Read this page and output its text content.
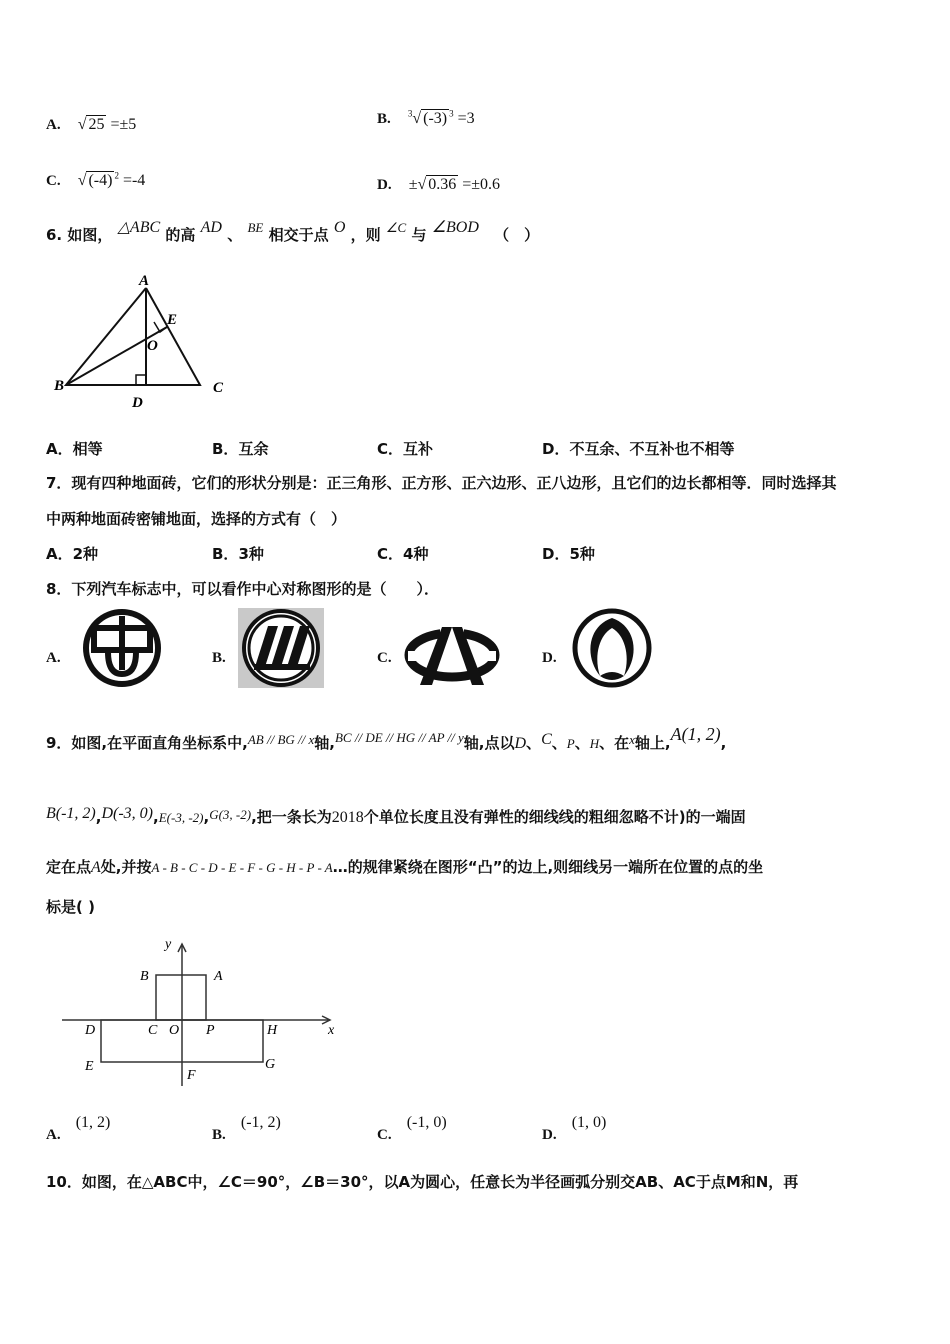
A. √ 25 =±5	B. $^3$√ (-3) $^3$ =3
C. √ (-4) $^2$ =-4	D. ±√ 0.36 =±0.6
6. 如图， △ABC 的高 AD 、 BE 相交于点 O ，则 ∠C 与 ∠BOD （　）
A
B	C
D
E
O
A．相等	B．互余	C．互补	D．不互余、不互补也不相等
7．现有四种地面砖，它们的形状分别是：正三角形、正方形、正六边形、正八边形，且它们的边长都相等．同时选择其
中两种地面砖密铺地面，选择的方式有（　）
A．2种	B．3种	C．4种	D．5种
8．下列汽车标志中，可以看作中心对称图形的是（　　）．
A.	B.	C.	D.
9．如图,在平面直角坐标系中,AB // BG // x轴,BC // DE // HG // AP // y轴,点以D、C、P、H、在x轴上,A(1, 2),
B(-1, 2),D(-3, 0),E(-3, -2),G(3, -2),把一条长为2018个单位长度且没有弹性的细线线的粗细忽略不计)的一端固
定在点A处,并按A - B - C - D - E - F - G - H - P - A…的规律紧绕在图形“凸”的边上,则细线另一端所在位置的点的坐
标是( )
y
x
A
B
C O P
D	H
E
F
G
A. (1, 2)
B. (-1, 2)
C. (-1, 0)
D. (1, 0)
10．如图，在△ABC中，∠C＝90°，∠B＝30°，以A为圆心，任意长为半径画弧分别交AB、AC于点M和N，再
